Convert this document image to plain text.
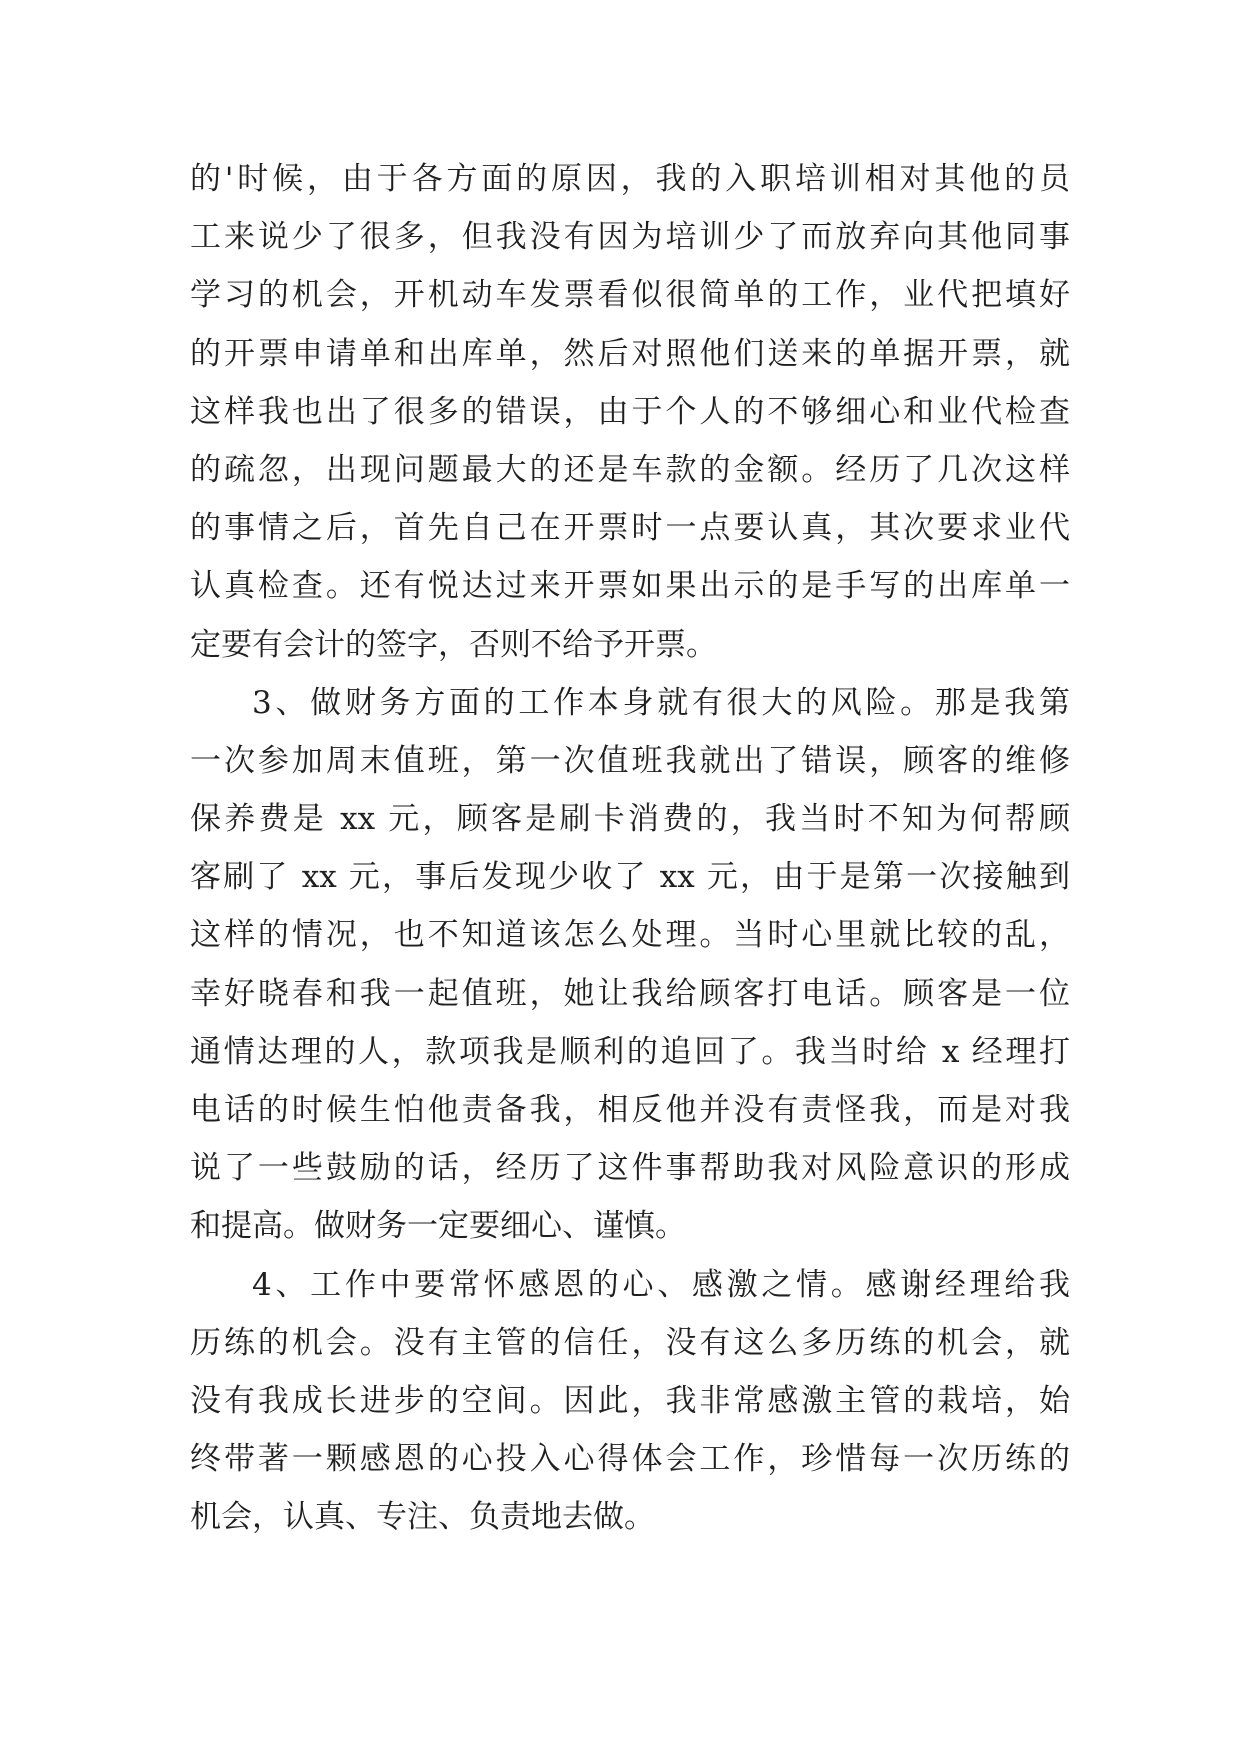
的'时候，由于各方面的原因，我的入职培训相对其他的员
工来说少了很多，但我没有因为培训少了而放弃向其他同事
学习的机会，开机动车发票看似很简单的工作，业代把填好
的开票申请单和出库单，然后对照他们送来的单据开票，就
这样我也出了很多的错误，由于个人的不够细心和业代检查
的疏忽，出现问题最大的还是车款的金额。经历了几次这样
的事情之后，首先自己在开票时一点要认真，其次要求业代
认真检查。还有悦达过来开票如果出示的是手写的出库单一
定要有会计的签字，否则不给予开票。
3、做财务方面的工作本身就有很大的风险。那是我第
一次参加周末值班，第一次值班我就出了错误，顾客的维修
保养费是 xx 元，顾客是刷卡消费的，我当时不知为何帮顾
客刷了 xx 元，事后发现少收了 xx 元，由于是第一次接触到
这样的情况，也不知道该怎么处理。当时心里就比较的乱，
幸好晓春和我一起值班，她让我给顾客打电话。顾客是一位
通情达理的人，款项我是顺利的追回了。我当时给 x 经理打
电话的时候生怕他责备我，相反他并没有责怪我，而是对我
说了一些鼓励的话，经历了这件事帮助我对风险意识的形成
和提高。做财务一定要细心、谨慎。
4、工作中要常怀感恩的心、感激之情。感谢经理给我
历练的机会。没有主管的信任，没有这么多历练的机会，就
没有我成长进步的空间。因此，我非常感激主管的栽培，始
终带著一颗感恩的心投入心得体会工作，珍惜每一次历练的
机会，认真、专注、负责地去做。
